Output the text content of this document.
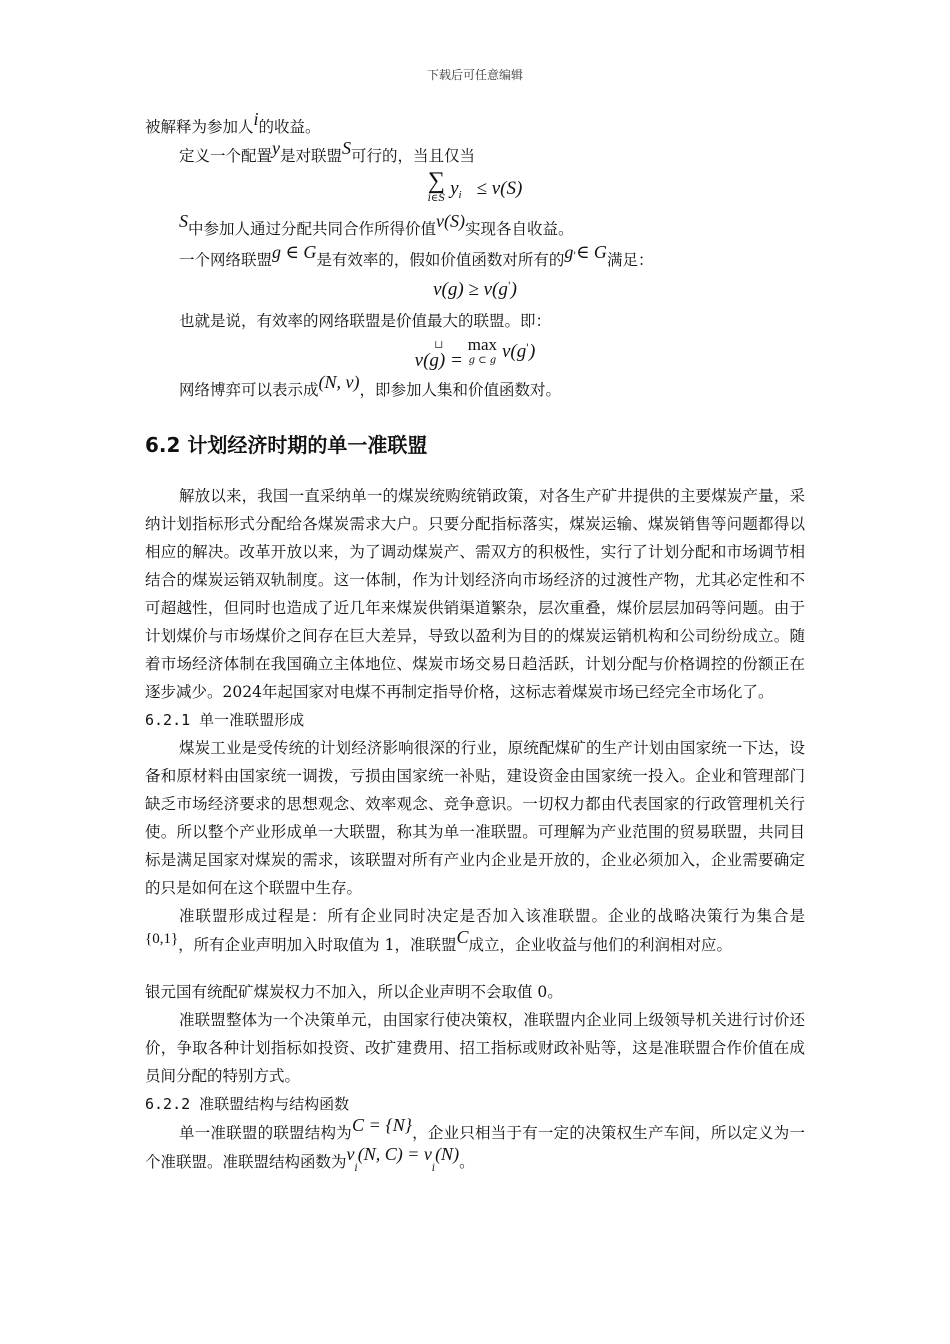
下载后可任意编辑

被解释为参加人i的收益。

定义一个配置y是对联盟S可行的，当且仅当

∑
i∈S $y_i \le v(S)$

S中参加人通过分配共同合作所得价值v(S)实现各自收益。

一个网络联盟g ∈ G是有效率的，假如价值函数对所有的g'∈ G满足：

v(g) ≥ v(g')

也就是说，有效率的网络联盟是价值最大的联盟。即：

⊔
v(g) =
max
g ⊂ g v(g')

网络博弈可以表示成(N, v)，即参加人集和价值函数对。

6.2 计划经济时期的单一准联盟

解放以来，我国一直采纳单一的煤炭统购统销政策，对各生产矿井提供的主要煤炭产量，采纳计划指标形式分配给各煤炭需求大户。只要分配指标落实，煤炭运输、煤炭销售等问题都得以相应的解决。改革开放以来，为了调动煤炭产、需双方的积极性，实行了计划分配和市场调节相结合的煤炭运销双轨制度。这一体制，作为计划经济向市场经济的过渡性产物，尤其必定性和不可超越性，但同时也造成了近几年来煤炭供销渠道繁杂，层次重叠，煤价层层加码等问题。由于计划煤价与市场煤价之间存在巨大差异，导致以盈利为目的的煤炭运销机构和公司纷纷成立。随着市场经济体制在我国确立主体地位、煤炭市场交易日趋活跃，计划分配与价格调控的份额正在逐步减少。2024年起国家对电煤不再制定指导价格，这标志着煤炭市场已经完全市场化了。

6.2.1 单一准联盟形成

煤炭工业是受传统的计划经济影响很深的行业，原统配煤矿的生产计划由国家统一下达，设备和原材料由国家统一调拨，亏损由国家统一补贴，建设资金由国家统一投入。企业和管理部门缺乏市场经济要求的思想观念、效率观念、竞争意识。一切权力都由代表国家的行政管理机关行使。所以整个产业形成单一大联盟，称其为单一准联盟。可理解为产业范围的贸易联盟，共同目标是满足国家对煤炭的需求，该联盟对所有产业内企业是开放的，企业必须加入，企业需要确定的只是如何在这个联盟中生存。

准联盟形成过程是：所有企业同时决定是否加入该准联盟。企业的战略决策行为集合是{0,1}，所有企业声明加入时取值为 1，准联盟C成立，企业收益与他们的利润相对应。

银元国有统配矿煤炭权力不加入，所以企业声明不会取值 0。

准联盟整体为一个决策单元，由国家行使决策权，准联盟内企业同上级领导机关进行讨价还价，争取各种计划指标如投资、改扩建费用、招工指标或财政补贴等，这是准联盟合作价值在成员间分配的特别方式。

6.2.2 准联盟结构与结构函数

单一准联盟的联盟结构为C = {N}，企业只相当于有一定的决策权生产车间，所以定义为一个准联盟。准联盟结构函数为$v_i(N$, $C) = v_i(N)$。
